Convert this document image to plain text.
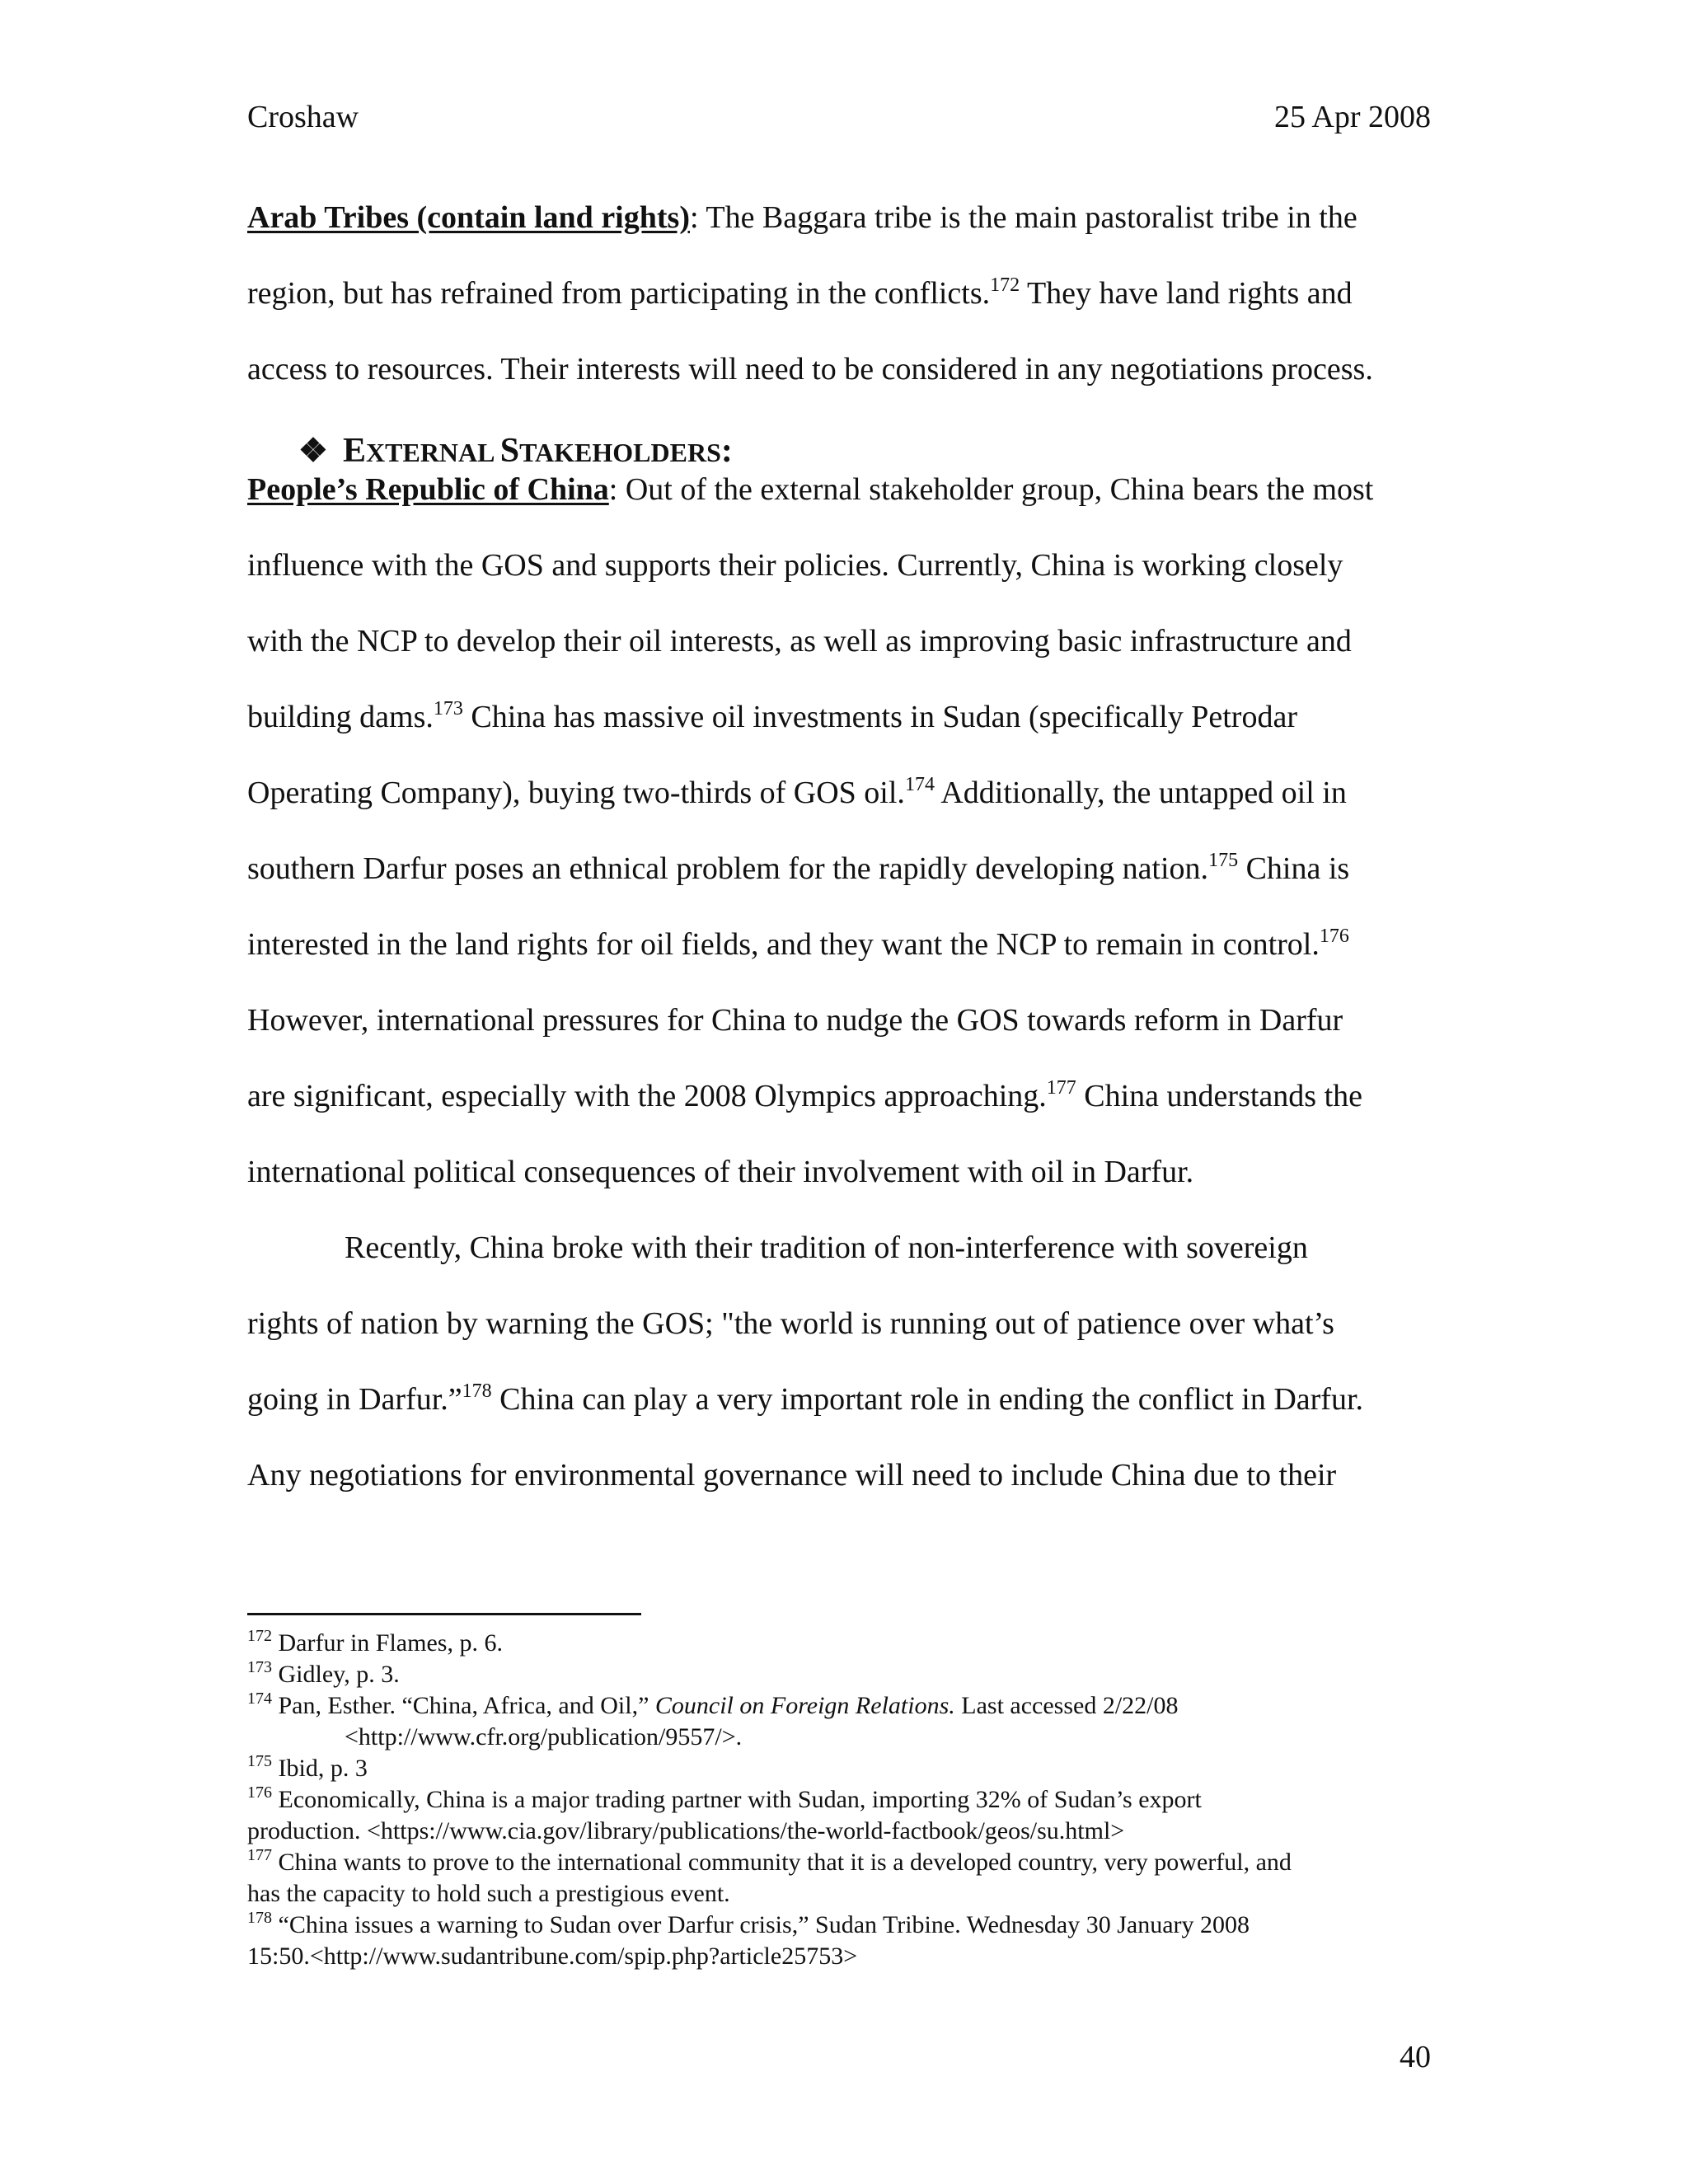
Croshaw	25 Apr 2008
Arab Tribes (contain land rights): The Baggara tribe is the main pastoralist tribe in the
region, but has refrained from participating in the conflicts.$^{172}$ They have land rights and
access to resources. Their interests will need to be considered in any negotiations process.
❖ EXTERNAL STAKEHOLDERS:
People’s Republic of China: Out of the external stakeholder group, China bears the most
influence with the GOS and supports their policies. Currently, China is working closely
with the NCP to develop their oil interests, as well as improving basic infrastructure and
building dams.$^{173}$ China has massive oil investments in Sudan (specifically Petrodar
Operating Company), buying two-thirds of GOS oil.$^{174}$ Additionally, the untapped oil in
southern Darfur poses an ethnical problem for the rapidly developing nation.$^{175}$ China is
interested in the land rights for oil fields, and they want the NCP to remain in control.$^{176}$
However, international pressures for China to nudge the GOS towards reform in Darfur
are significant, especially with the 2008 Olympics approaching.$^{177}$ China understands the
international political consequences of their involvement with oil in Darfur.
Recently, China broke with their tradition of non-interference with sovereign
rights of nation by warning the GOS; "the world is running out of patience over what’s
going in Darfur.”$^{178}$ China can play a very important role in ending the conflict in Darfur.
Any negotiations for environmental governance will need to include China due to their
$^{172}$ Darfur in Flames, p. 6.
$^{173}$ Gidley, p. 3.
$^{174}$ Pan, Esther. “China, Africa, and Oil,” Council on Foreign Relations. Last accessed 2/22/08
<http://www.cfr.org/publication/9557/>.
$^{175}$ Ibid, p. 3
$^{176}$ Economically, China is a major trading partner with Sudan, importing 32% of Sudan’s export
production. <https://www.cia.gov/library/publications/the-world-factbook/geos/su.html>
$^{177}$ China wants to prove to the international community that it is a developed country, very powerful, and
has the capacity to hold such a prestigious event.
$^{178}$ “China issues a warning to Sudan over Darfur crisis,” Sudan Tribine. Wednesday 30 January 2008
15:50.<http://www.sudantribune.com/spip.php?article25753>
40
